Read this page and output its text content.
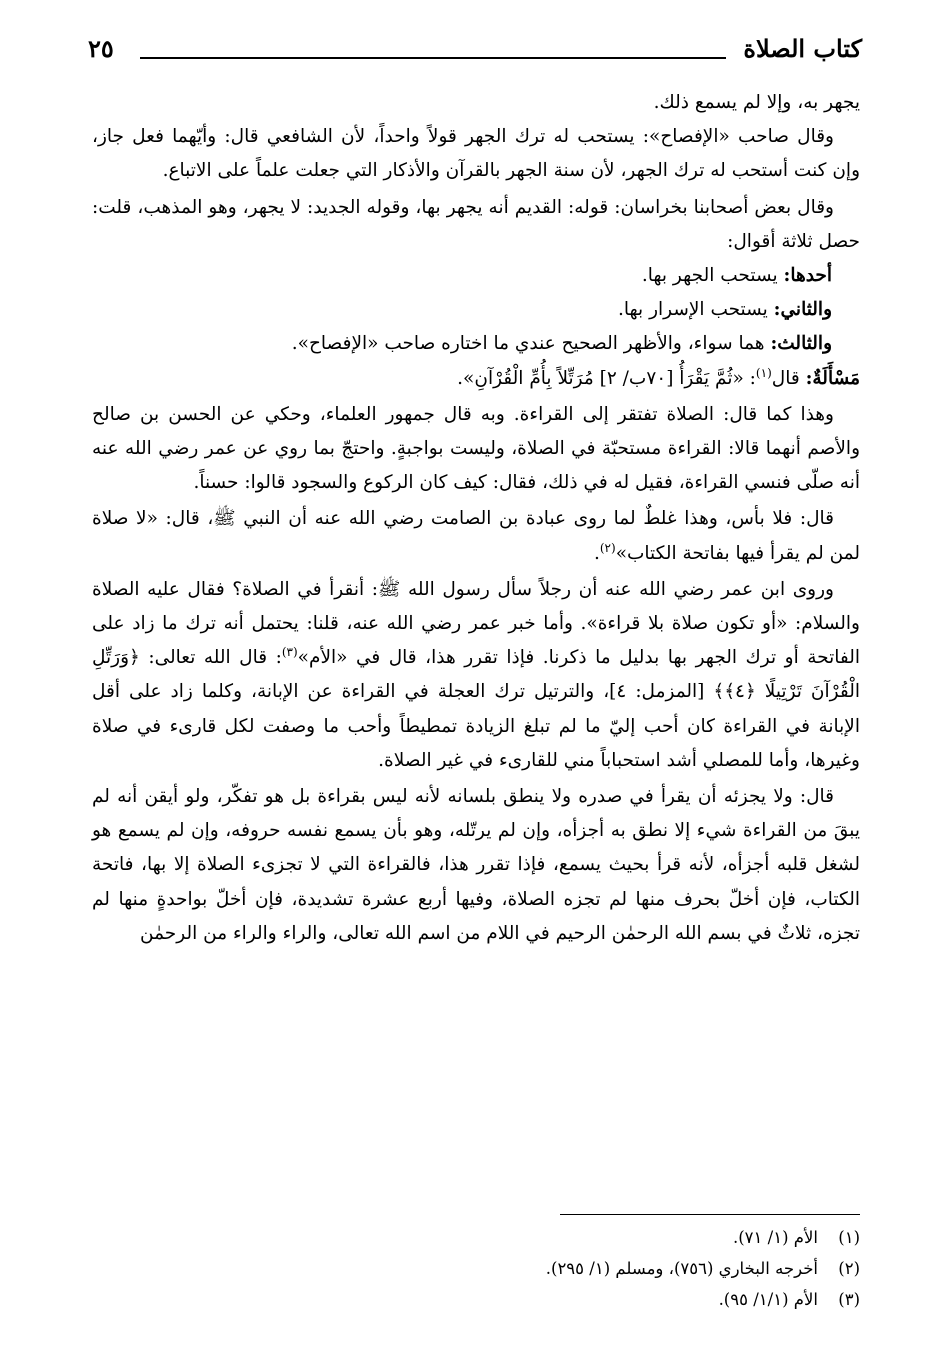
كتاب الصلاة
٢٥

يجهر به، وإلا لم يسمع ذلك.

وقال صاحب «الإفصاح»: يستحب له ترك الجهر قولاً واحداً، لأن الشافعي قال: وأيّهما فعل جاز، وإن كنت أستحب له ترك الجهر، لأن سنة الجهر بالقرآن والأذكار التي جعلت علماً على الاتباع.

وقال بعض أصحابنا بخراسان: قوله: القديم أنه يجهر بها، وقوله الجديد: لا يجهر، وهو المذهب، قلت: حصل ثلاثة أقوال:

أحدها: يستحب الجهر بها.

والثاني: يستحب الإسرار بها.

والثالث: هما سواء، والأظهر الصحيح عندي ما اختاره صاحب «الإفصاح».

مَسْأَلَةٌ: قال$^{(١)}$: «ثُمَّ يَقْرَأُ [٧٠ب/ ٢] مُرَتِّلاً بِأُمِّ الْقُرْآنِ».

وهذا كما قال: الصلاة تفتقر إلى القراءة. وبه قال جمهور العلماء، وحكي عن الحسن بن صالح والأصم أنهما قالا: القراءة مستحبّة في الصلاة، وليست بواجبةٍ. واحتجّ بما روي عن عمر رضي الله عنه أنه صلّى فنسي القراءة، فقيل له في ذلك، فقال: كيف كان الركوع والسجود قالوا: حسناً.

قال: فلا بأس، وهذا غلطٌ لما روى عبادة بن الصامت رضي الله عنه أن النبي ﷺ، قال: «لا صلاة لمن لم يقرأ فيها بفاتحة الكتاب»$^{(٢)}$.

وروى ابن عمر رضي الله عنه أن رجلاً سأل رسول الله ﷺ: أنقرأ في الصلاة؟ فقال عليه الصلاة والسلام: «أو تكون صلاة بلا قراءة». وأما خبر عمر رضي الله عنه، قلنا: يحتمل أنه ترك ما زاد على الفاتحة أو ترك الجهر بها بدليل ما ذكرنا. فإذا تقرر هذا، قال في «الأم»$^{(٣)}$: قال الله تعالى: ﴿وَرَتِّلِ الْقُرْآنَ تَرْتِيلًا ﴿٤﴾﴾ [المزمل: ٤]، والترتيل ترك العجلة في القراءة عن الإبانة، وكلما زاد على أقل الإبانة في القراءة كان أحب إليّ ما لم تبلغ الزيادة تمطيطاً وأحب ما وصفت لكل قارىء في صلاة وغيرها، وأما للمصلي أشد استحباباً مني للقارىء في غير الصلاة.

قال: ولا يجزئه أن يقرأ في صدره ولا ينطق بلسانه لأنه ليس بقراءة بل هو تفكّر، ولو أيقن أنه لم يبقَ من القراءة شيء إلا نطق به أجزأه، وإن لم يرتّله، وهو بأن يسمع نفسه حروفه، وإن لم يسمع هو لشغل قلبه أجزأه، لأنه قرأ بحيث يسمع، فإذا تقرر هذا، فالقراءة التي لا تجزىء الصلاة إلا بها، فاتحة الكتاب، فإن أخلّ بحرف منها لم تجزه الصلاة، وفيها أربع عشرة تشديدة، فإن أخلّ بواحدةٍ منها لم تجزه، ثلاثٌ في بسم الله الرحمٰن الرحيم في اللام من اسم الله تعالى، والراء والراء من الرحمٰن

(١)الأم (١/ ٧١).
(٢)أخرجه البخاري (٧٥٦)، ومسلم (١/ ٢٩٥).
(٣)الأم (١/١/ ٩٥).
